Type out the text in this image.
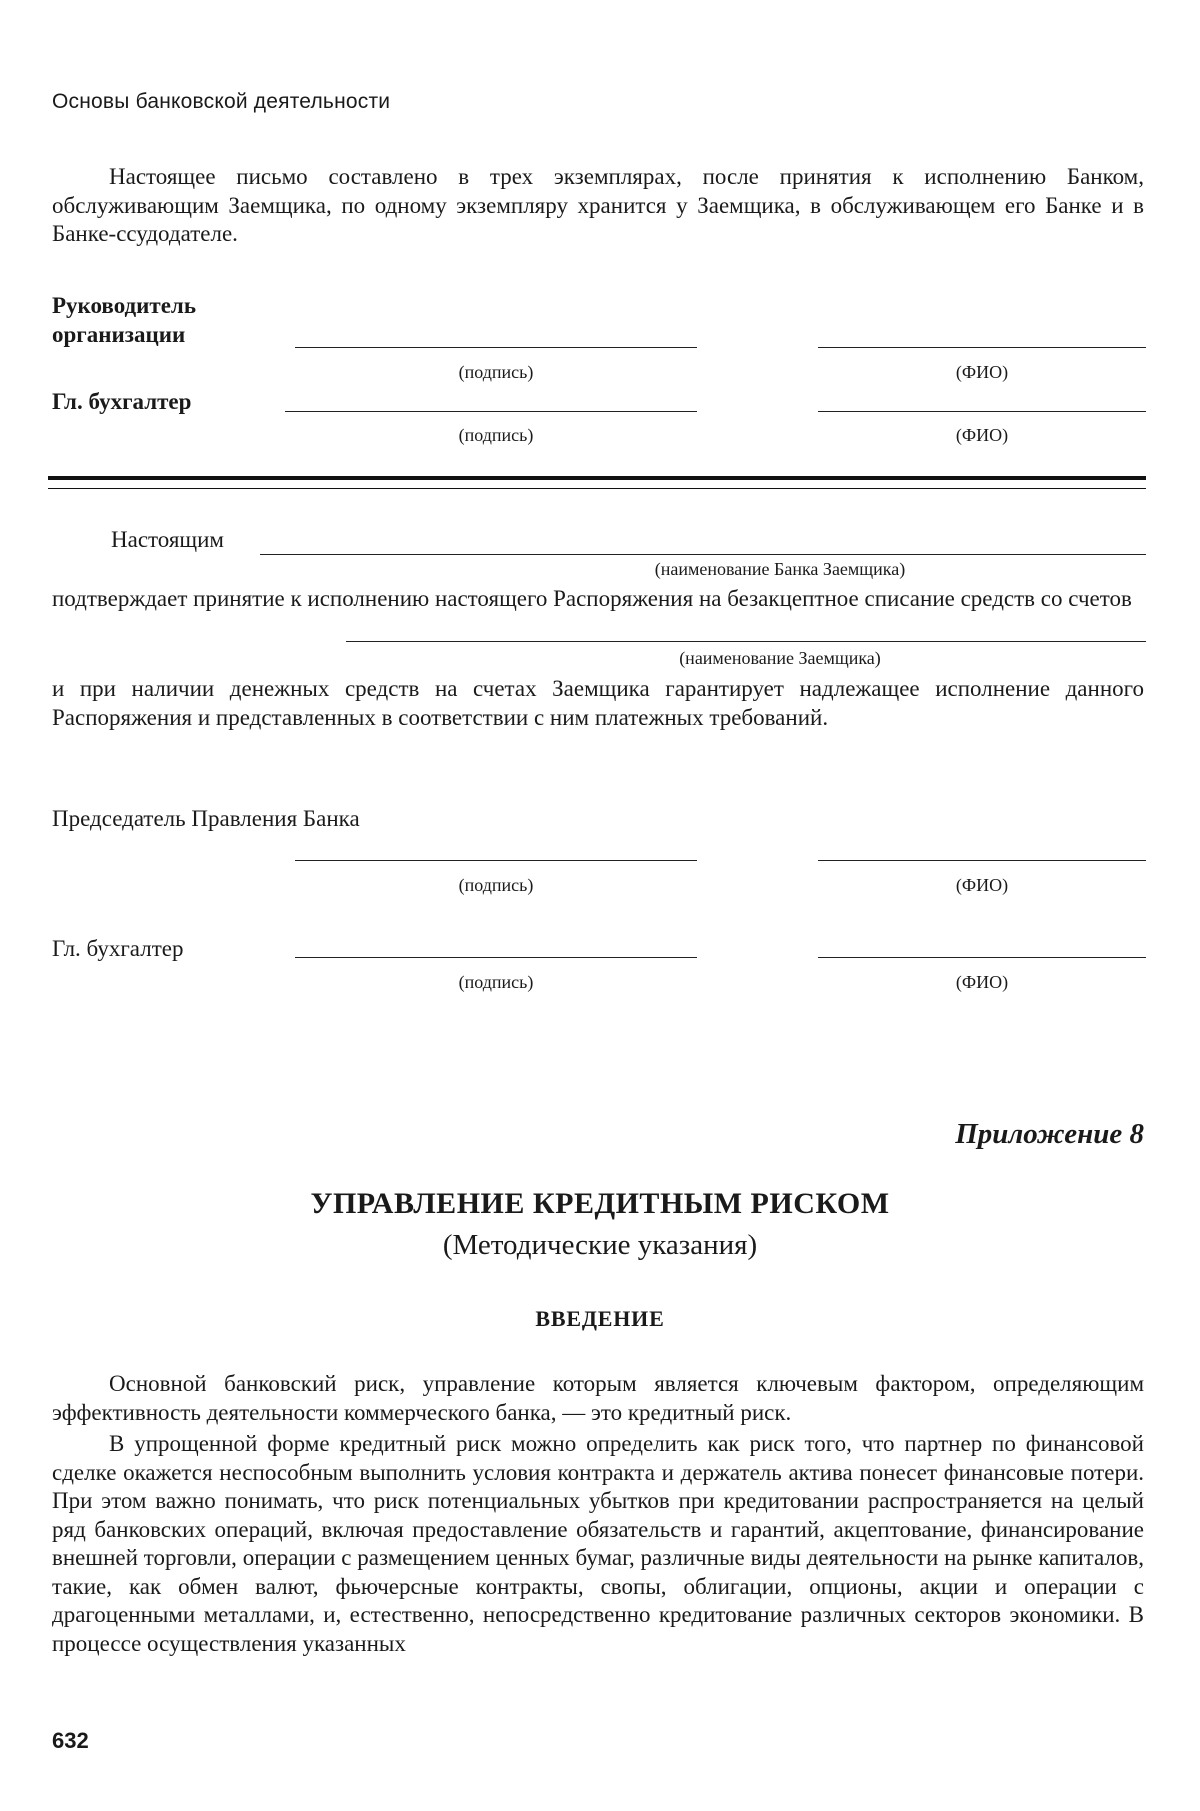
Основы банковской деятельности
Настоящее письмо составлено в трех экземплярах, после принятия к исполнению Банком, обслуживающим Заемщика, по одному экземпляру хранится у Заемщика, в обслуживающем его Банке и в Банке-ссудодателе.
Руководитель организации
(подпись)	(ФИО)
Гл. бухгалтер
(подпись)	(ФИО)
Настоящим
(наименование Банка Заемщика)
подтверждает принятие к исполнению настоящего Распоряжения на безакцептное списание средств со счетов
(наименование Заемщика)
и при наличии денежных средств на счетах Заемщика гарантирует надлежащее исполнение данного Распоряжения и представленных в соответствии с ним платежных требований.
Председатель Правления Банка
(подпись)	(ФИО)
Гл. бухгалтер
(подпись)	(ФИО)
Приложение 8
УПРАВЛЕНИЕ КРЕДИТНЫМ РИСКОМ
(Методические указания)
ВВЕДЕНИЕ
Основной банковский риск, управление которым является ключевым фактором, определяющим эффективность деятельности коммерческого банка, — это кредитный риск.
В упрощенной форме кредитный риск можно определить как риск того, что партнер по финансовой сделке окажется неспособным выполнить условия контракта и держатель актива понесет финансовые потери. При этом важно понимать, что риск потенциальных убытков при кредитовании распространяется на целый ряд банковских операций, включая предоставление обязательств и гарантий, акцептование, финансирование внешней торговли, операции с размещением ценных бумаг, различные виды деятельности на рынке капиталов, такие, как обмен валют, фьючерсные контракты, свопы, облигации, опционы, акции и операции с драгоценными металлами, и, естественно, непосредственно кредитование различных секторов экономики. В процессе осуществления указанных
632
